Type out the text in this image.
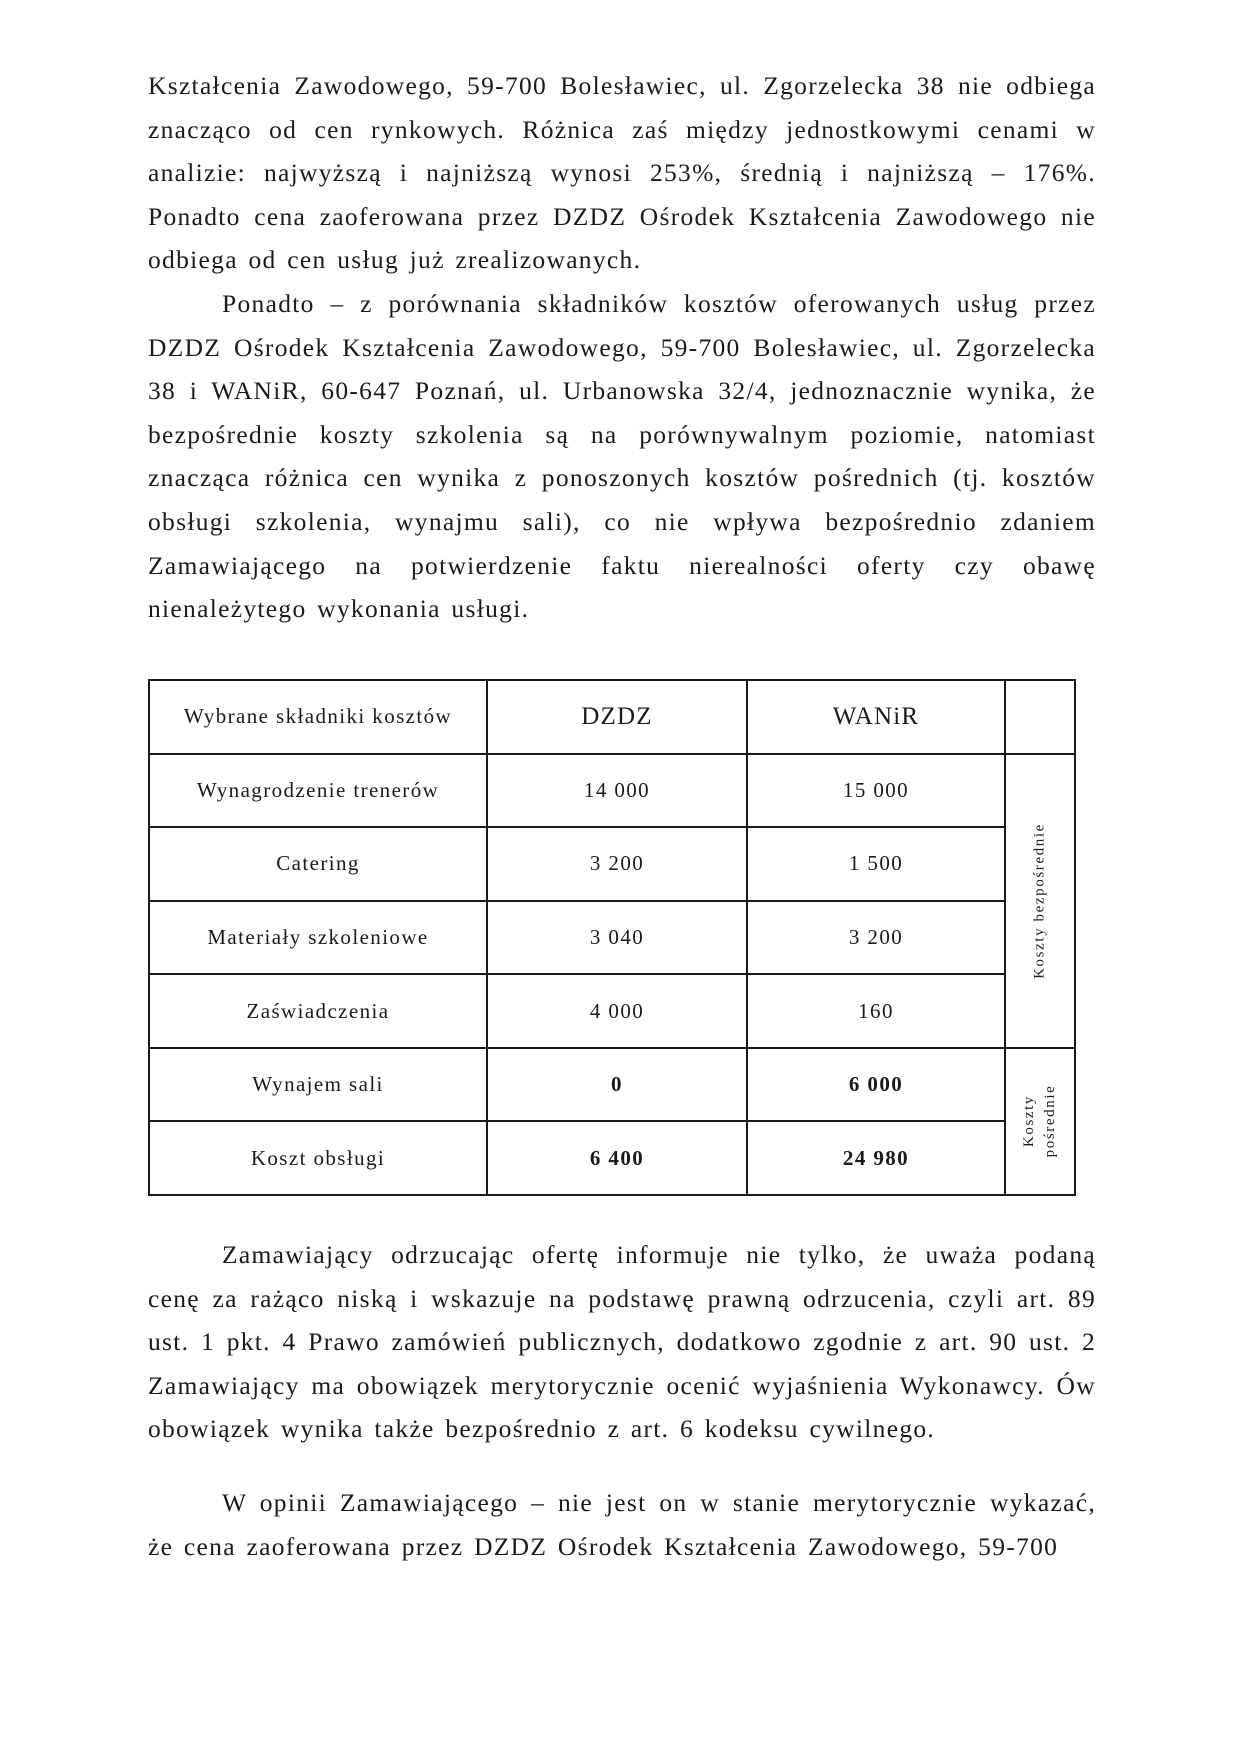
Kształcenia Zawodowego, 59-700 Bolesławiec, ul. Zgorzelecka 38 nie odbiega znacząco od cen rynkowych. Różnica zaś między jednostkowymi cenami w analizie: najwyższą i najniższą wynosi 253%, średnią i najniższą – 176%. Ponadto cena zaoferowana przez DZDZ Ośrodek Kształcenia Zawodowego nie odbiega od cen usług już zrealizowanych.

Ponadto – z porównania składników kosztów oferowanych usług przez DZDZ Ośrodek Kształcenia Zawodowego, 59-700 Bolesławiec, ul. Zgorzelecka 38 i WANiR, 60-647 Poznań, ul. Urbanowska 32/4, jednoznacznie wynika, że bezpośrednie koszty szkolenia są na porównywalnym poziomie, natomiast znacząca różnica cen wynika z ponoszonych kosztów pośrednich (tj. kosztów obsługi szkolenia, wynajmu sali), co nie wpływa bezpośrednio zdaniem Zamawiającego na potwierdzenie faktu nierealności oferty czy obawę nienależytego wykonania usługi.

Wybrane składniki kosztów	DZDZ	WANiR	
Wynagrodzenie trenerów	14 000	15 000	Koszty bezpośrednie

Catering	3 200	1 500	
Materiały szkoleniowe	3 040	3 200	
Zaświadczenia	4 000	160	
Wynajem sali	0	6 000	Koszty pośrednie

Koszt obsługi	6 400	24 980	

Zamawiający odrzucając ofertę informuje nie tylko, że uważa podaną cenę za rażąco niską i wskazuje na podstawę prawną odrzucenia, czyli art. 89 ust. 1 pkt. 4 Prawo zamówień publicznych, dodatkowo zgodnie z art. 90 ust. 2 Zamawiający ma obowiązek merytorycznie ocenić wyjaśnienia Wykonawcy. Ów obowiązek wynika także bezpośrednio z art. 6 kodeksu cywilnego.

W opinii Zamawiającego – nie jest on w stanie merytorycznie wykazać, że cena zaoferowana przez DZDZ Ośrodek Kształcenia Zawodowego, 59-700
